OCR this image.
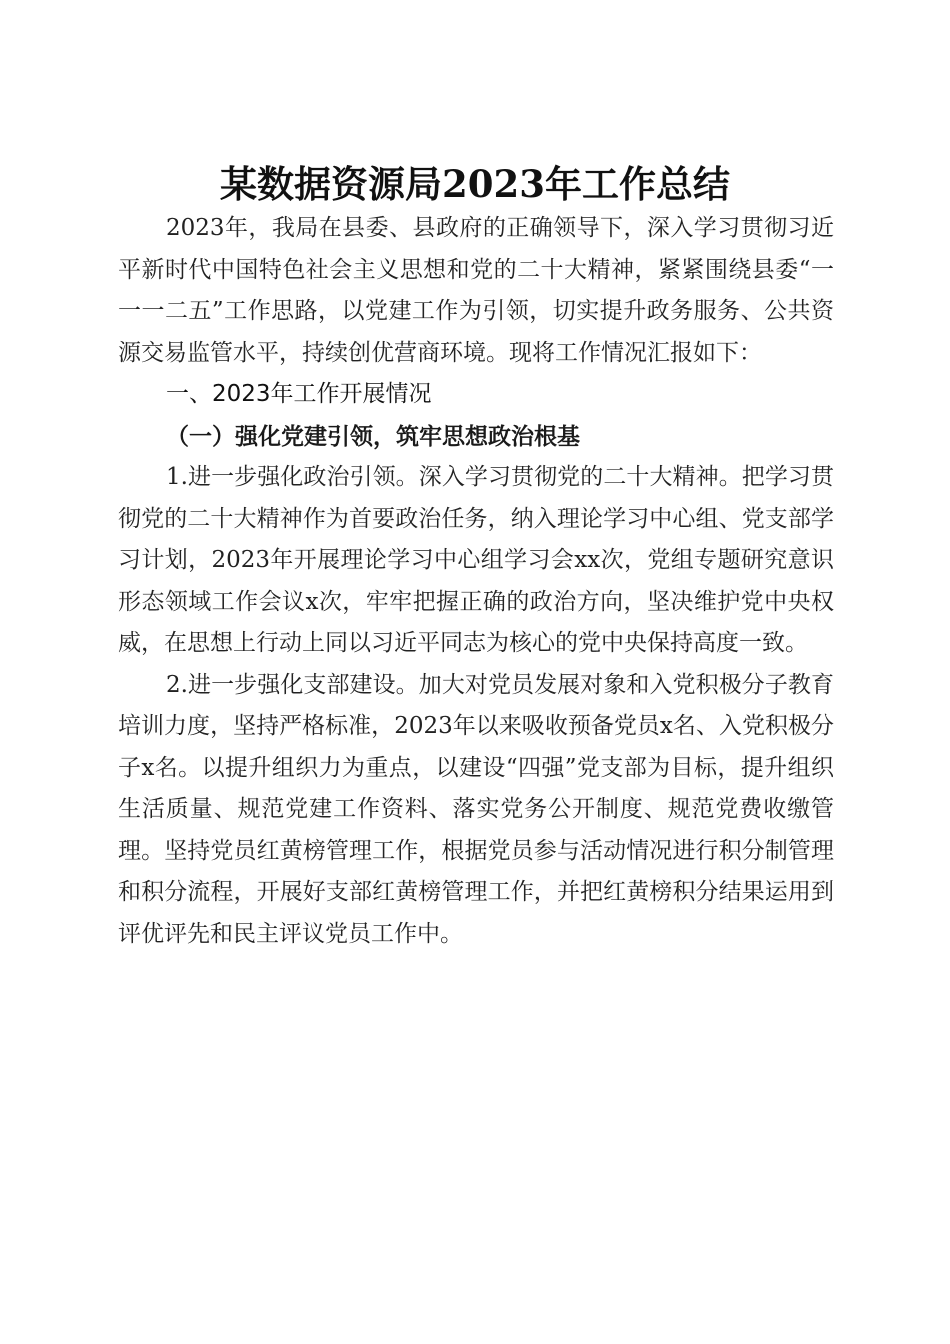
某数据资源局2023年工作总结

2023年，我局在县委、县政府的正确领导下，深入学习贯彻习近平新时代中国特色社会主义思想和党的二十大精神，紧紧围绕县委“一一一二五”工作思路，以党建工作为引领，切实提升政务服务、公共资源交易监管水平，持续创优营商环境。现将工作情况汇报如下：

一、2023年工作开展情况

（一）强化党建引领，筑牢思想政治根基

1.进一步强化政治引领。深入学习贯彻党的二十大精神。把学习贯彻党的二十大精神作为首要政治任务，纳入理论学习中心组、党支部学习计划，2023年开展理论学习中心组学习会xx次，党组专题研究意识形态领域工作会议x次，牢牢把握正确的政治方向，坚决维护党中央权威，在思想上行动上同以习近平同志为核心的党中央保持高度一致。

2.进一步强化支部建设。加大对党员发展对象和入党积极分子教育培训力度，坚持严格标准，2023年以来吸收预备党员x名、入党积极分子x名。以提升组织力为重点，以建设“四强”党支部为目标，提升组织生活质量、规范党建工作资料、落实党务公开制度、规范党费收缴管理。坚持党员红黄榜管理工作，根据党员参与活动情况进行积分制管理和积分流程，开展好支部红黄榜管理工作，并把红黄榜积分结果运用到评优评先和民主评议党员工作中。
